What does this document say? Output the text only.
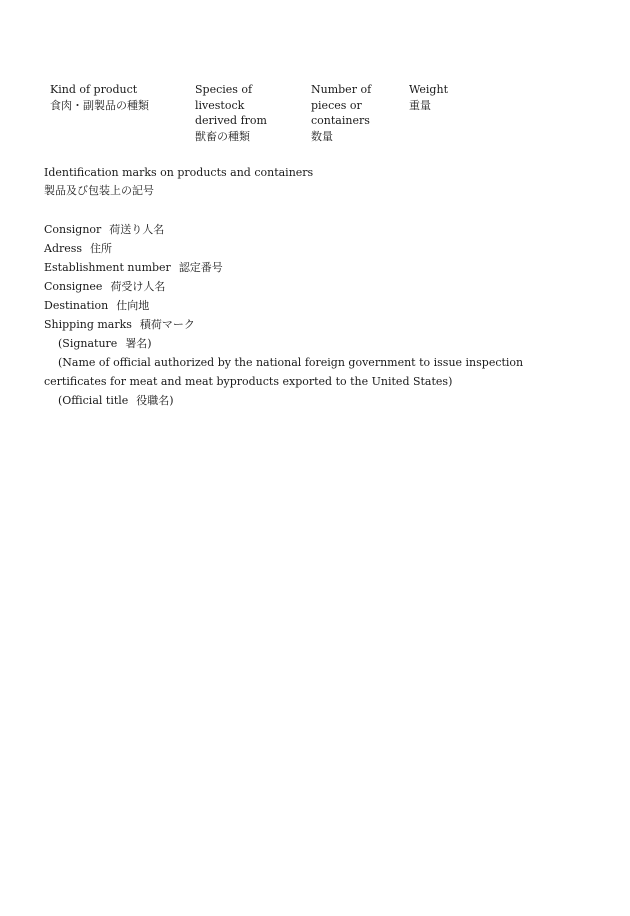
Kind of product
食肉・副製品の種類
Species of
livestock
derived from
獣畜の種類
Number of
pieces or
containers
数量
Weight
重量
Identification marks on products and containers
製品及び包装上の記号
Consignor 荷送り人名
Adress 住所
Establishment number 認定番号
Consignee 荷受け人名
Destination 仕向地
Shipping marks 積荷マーク
(Signature 署名)
(Name of official authorized by the national foreign government to issue inspection certificates for meat and meat byproducts exported to the United States)
(Official title 役職名)
